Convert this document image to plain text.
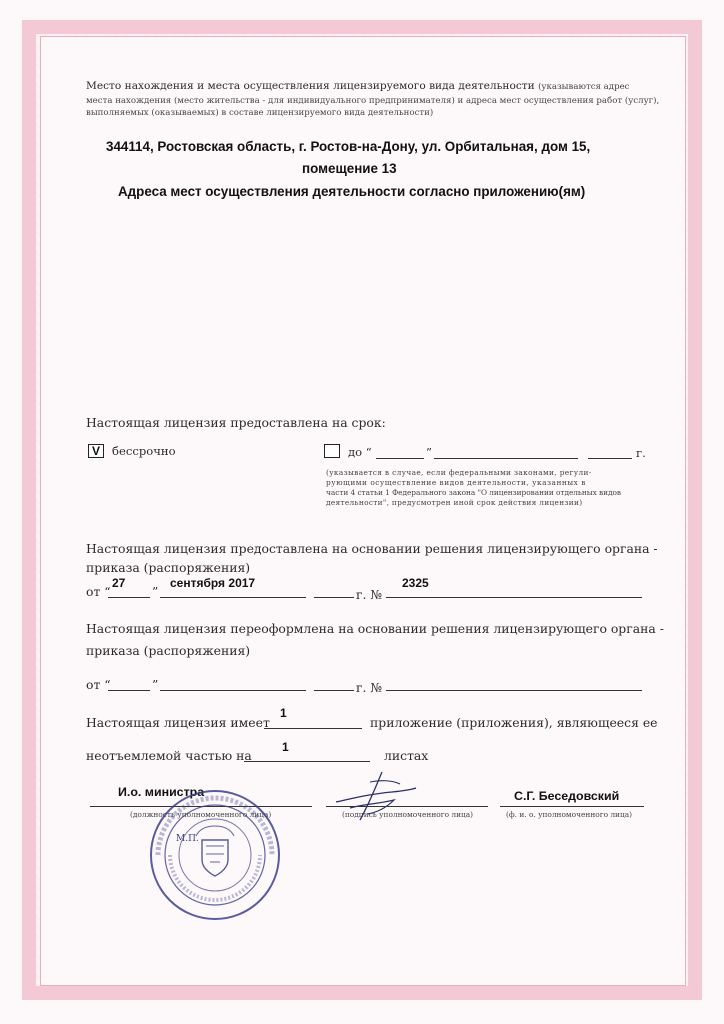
Место нахождения и места осуществления лицензируемого вида деятельности (указываются адрес
места нахождения (место жительства - для индивидуального предпринимателя) и адреса мест осуществления работ (услуг),
выполняемых (оказываемых) в составе лицензируемого вида деятельности)
344114, Ростовская область, г. Ростов-на-Дону, ул. Орбитальная, дом 15,
помещение 13
Адреса мест осуществления деятельности согласно приложению(ям)
Настоящая лицензия предоставлена на срок:
V	бессрочно	до “	”	г.
(указывается в случае, если федеральными законами, регули-
рующими осуществление видов деятельности, указанных в
части 4 статьи 1 Федерального закона "О лицензировании отдельных видов
деятельности", предусмотрен иной срок действия лицензии)
Настоящая лицензия предоставлена на основании решения лицензирующего органа -
приказа (распоряжения)
от “
27
”
сентября 2017
г. №
2325
Настоящая лицензия переоформлена на основании решения лицензирующего органа -
приказа (распоряжения)
от “	”	г. №
Настоящая лицензия имеет
1
приложение (приложения), являющееся ее
неотъемлемой частью на
1
листах
И.о. министра
(должность уполномоченного лица)	(подпись уполномоченного лица)
С.Г. Беседовский
(ф. и. о. уполномоченного лица)
М.П.
